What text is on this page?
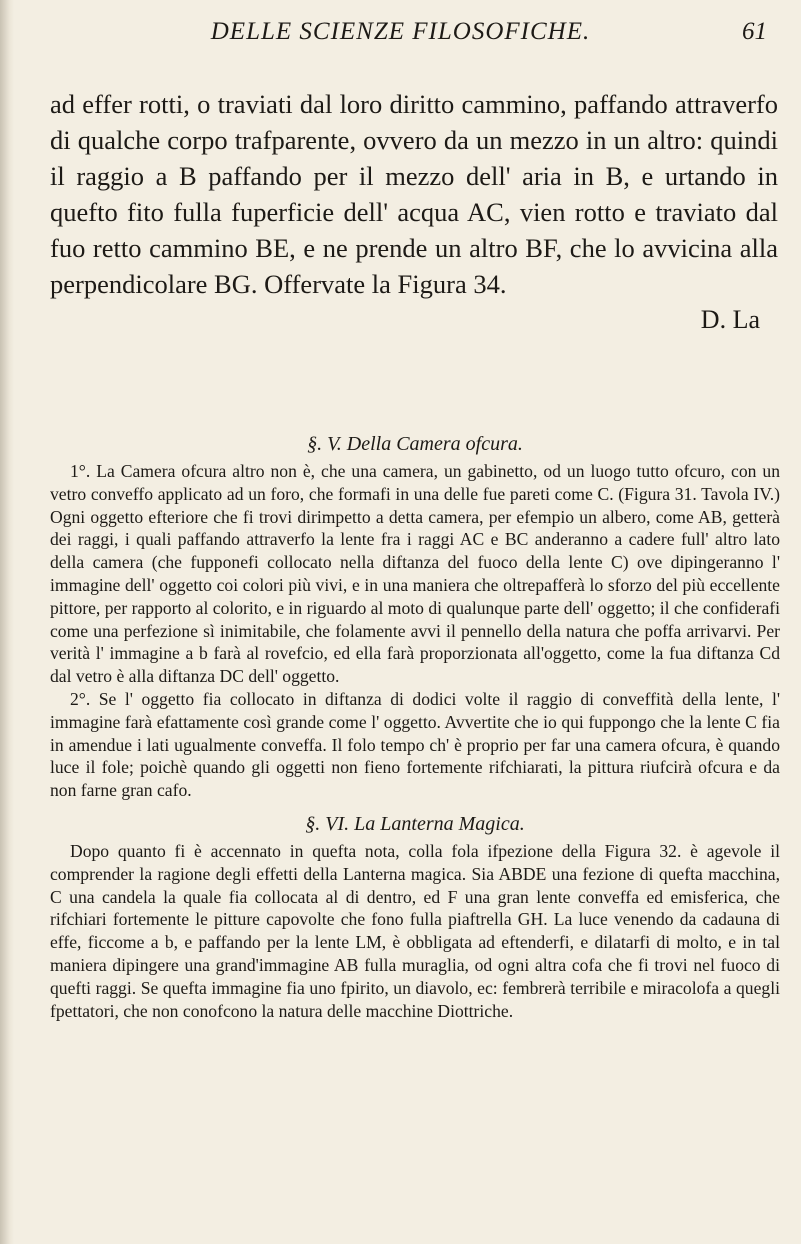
DELLE SCIENZE FILOSOFICHE.	61

ad effer rotti, o traviati dal loro diritto cammino, paffando attraverfo di qualche corpo trafparente, ovvero da un mezzo in un altro: quindi il raggio a B paffando per il mezzo dell' aria in B, e urtando in quefto fito fulla fuperficie dell' acqua AC, vien rotto e traviato dal fuo retto cammino BE, e ne prende un altro BF, che lo avvicina alla perpendicolare BG. Offervate la Figura 34.

D. La
§. V. Della Camera ofcura.

1°. La Camera ofcura altro non è, che una camera, un gabinetto, od un luogo tutto ofcuro, con un vetro conveffo applicato ad un foro, che formafi in una delle fue pareti come C. (Figura 31. Tavola IV.) Ogni oggetto efteriore che fi trovi dirimpetto a detta camera, per efempio un albero, come AB, getterà dei raggi, i quali paffando attraverfo la lente fra i raggi AC e BC anderanno a cadere full' altro lato della camera (che fupponefi collocato nella diftanza del fuoco della lente C) ove dipingeranno l' immagine dell' oggetto coi colori più vivi, e in una maniera che oltrepafferà lo sforzo del più eccellente pittore, per rapporto al colorito, e in riguardo al moto di qualunque parte dell' oggetto; il che confiderafi come una perfezione sì inimitabile, che folamente avvi il pennello della natura che poffa arrivarvi. Per verità l' immagine a b farà al rovefcio, ed ella farà proporzionata all'oggetto, come la fua diftanza Cd dal vetro è alla diftanza DC dell' oggetto.

2°. Se l' oggetto fia collocato in diftanza di dodici volte il raggio di conveffità della lente, l' immagine farà efattamente così grande come l' oggetto. Avvertite che io qui fuppongo che la lente C fia in amendue i lati ugualmente conveffa. Il folo tempo ch' è proprio per far una camera ofcura, è quando luce il fole; poichè quando gli oggetti non fieno fortemente rifchiarati, la pittura riufcirà ofcura e da non farne gran cafo.

§. VI. La Lanterna Magica.

Dopo quanto fi è accennato in quefta nota, colla fola ifpezione della Figura 32. è agevole il comprender la ragione degli effetti della Lanterna magica. Sia ABDE una fezione di quefta macchina, C una candela la quale fia collocata al di dentro, ed F una gran lente conveffa ed emisferica, che rifchiari fortemente le pitture capovolte che fono fulla piaftrella GH. La luce venendo da cadauna di effe, ficcome a b, e paffando per la lente LM, è obbligata ad eftenderfi, e dilatarfi di molto, e in tal maniera dipingere una grand'immagine AB fulla muraglia, od ogni altra cofa che fi trovi nel fuoco di quefti raggi. Se quefta immagine fia uno fpirito, un diavolo, ec: fembrerà terribile e miracolofa a quegli fpettatori, che non conofcono la natura delle macchine Diottriche.
